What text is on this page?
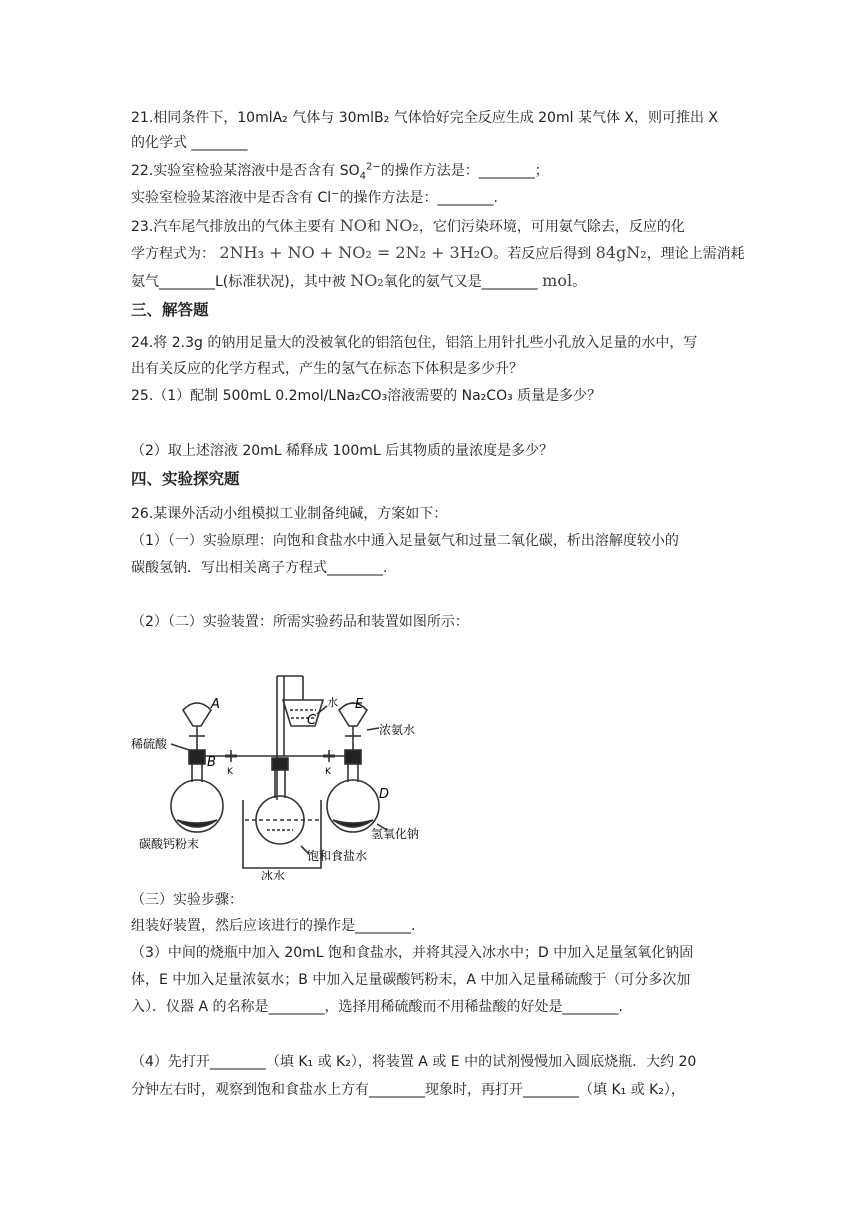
21.相同条件下，10mlA₂ 气体与 30mlB₂ 气体恰好完全反应生成 20ml 某气体 X，则可推出 X
的化学式 ________
22.实验室检验某溶液中是否含有 $SO_4^{2-}$的操作方法是：________；
实验室检验某溶液中是否含有 Cl−的操作方法是：________.
23.汽车尾气排放出的气体主要有 NO和 NO₂，它们污染环境，可用氨气除去，反应的化
学方程式为： 2NH₃ + NO + NO₂ = 2N₂ + 3H₂O。若反应后得到 84gN₂，理论上需消耗
氨气________L(标准状况)，其中被 NO₂氧化的氨气又是________ mol。
三、解答题
24.将 2.3g 的钠用足量大的没被氧化的铝箔包住，铝箔上用针扎些小孔放入足量的水中，写
出有关反应的化学方程式，产生的氢气在标态下体积是多少升？
25.（1）配制 500mL 0.2mol/LNa₂CO₃溶液需要的 Na₂CO₃ 质量是多少？
（2）取上述溶液 20mL 稀释成 100mL 后其物质的量浓度是多少？
四、实验探究题
26.某课外活动小组模拟工业制备纯碱，方案如下：
（1）（一）实验原理：向饱和食盐水中通入足量氨气和过量二氧化碳，析出溶解度较小的
碳酸氢钠．写出相关离子方程式________.
（2）（二）实验装置：所需实验药品和装置如图所示：
A
B
C
D
E
K	K
稀硫酸
浓氨水
水
碳酸钙粉末
氢氧化钠
饱和食盐水
冰水
（三）实验步骤：
组装好装置，然后应该进行的操作是________.
（3）中间的烧瓶中加入 20mL 饱和食盐水，并将其浸入冰水中；D 中加入足量氢氧化钠固
体，E 中加入足量浓氨水；B 中加入足量碳酸钙粉末，A 中加入足量稀硫酸于（可分多次加
入）．仪器 A 的名称是________，选择用稀硫酸而不用稀盐酸的好处是________.
（4）先打开________（填 K₁ 或 K₂），将装置 A 或 E 中的试剂慢慢加入圆底烧瓶．大约 20
分钟左右时，观察到饱和食盐水上方有________现象时，再打开________（填 K₁ 或 K₂），
